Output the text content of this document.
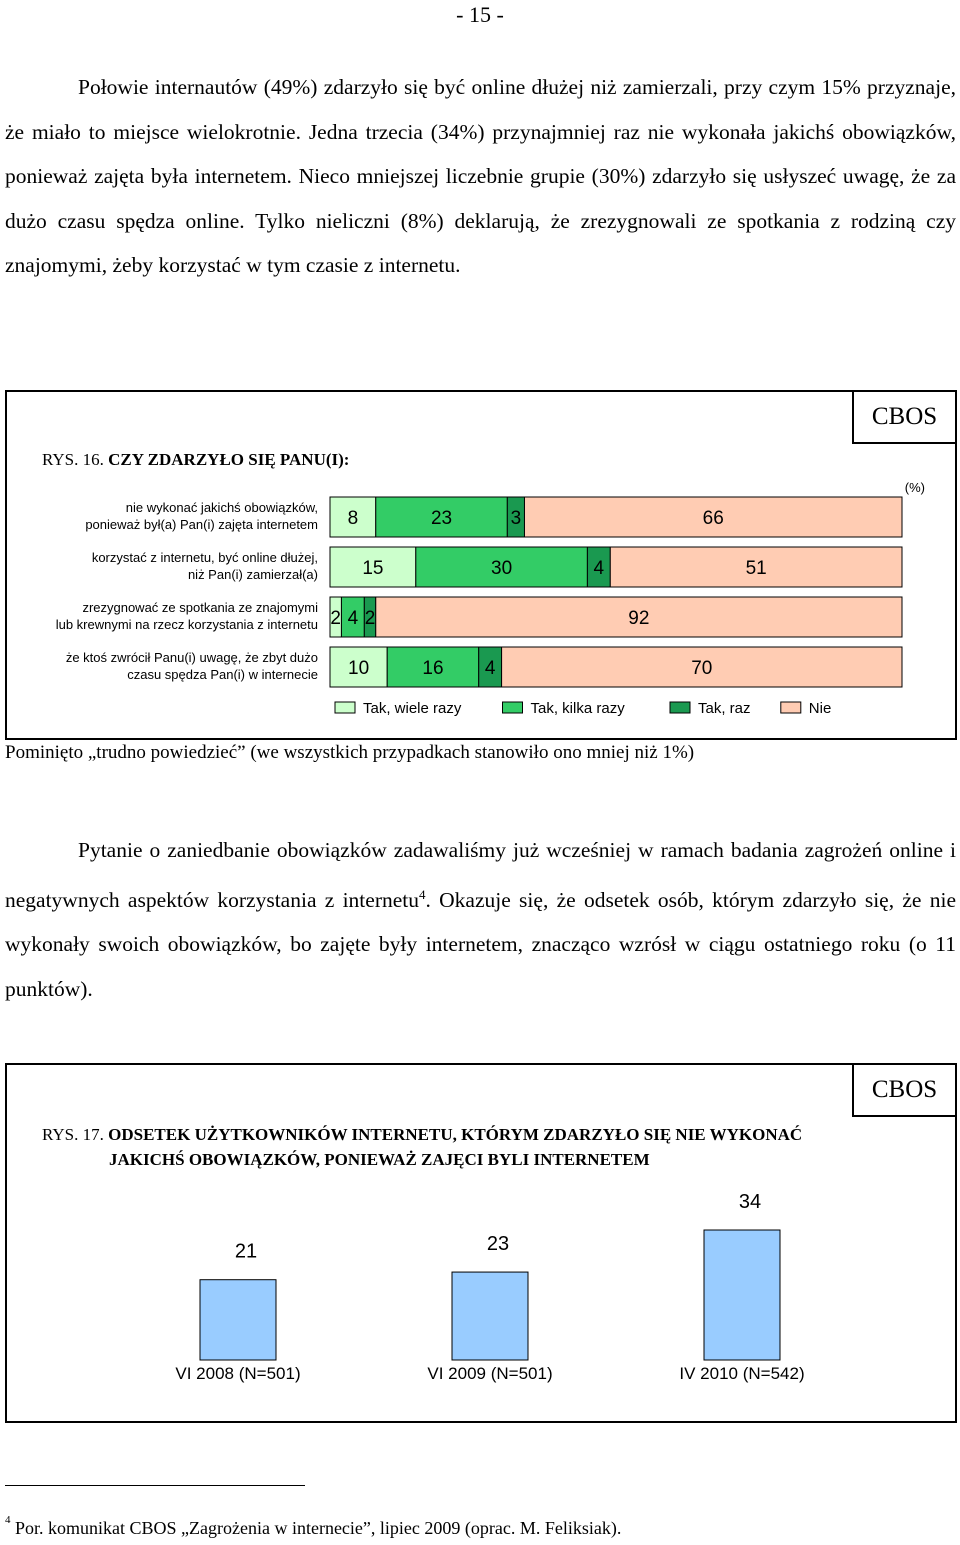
- 15 -

Połowie internautów (49%) zdarzyło się być online dłużej niż zamierzali, przy czym 15% przyznaje, że miało to miejsce wielokrotnie. Jedna trzecia (34%) przynajmniej raz nie wykonała jakichś obowiązków, ponieważ zajęta była internetem. Nieco mniejszej liczebnie grupie (30%) zdarzyło się usłyszeć uwagę, że za dużo czasu spędza online. Tylko nieliczni (8%) deklarują, że zrezygnowali ze spotkania z rodziną czy znajomymi, żeby korzystać w tym czasie z internetu.

CBOS
RYS. 16. CZY ZDARZYŁO SIĘ PANU(I):
(%)
nie wykonać jakichś obowiązków,
ponieważ był(a) Pan(i) zajęta internetem 8	23	3	66
korzystać z internetu, być online dłużej,
niż Pan(i) zamierzał(a) 15	30	4	51
zrezygnować ze spotkania ze znajomymi
lub krewnymi na rzecz korzystania z internetu 2 4 2	92
że ktoś zwrócił Panu(i) uwagę, że zbyt dużo
czasu spędza Pan(i) w internecie 10	16 4	70
Tak, wiele razy	Tak, kilka razy	Tak, raz	Nie
Pominięto „trudno powiedzieć” (we wszystkich przypadkach stanowiło ono mniej niż 1%)

Pytanie o zaniedbanie obowiązków zadawaliśmy już wcześniej w ramach badania zagrożeń online i negatywnych aspektów korzystania z internetu$^4$. Okazuje się, że odsetek osób, którym zdarzyło się, że nie wykonały swoich obowiązków, bo zajęte były internetem, znacząco wzrósł w ciągu ostatniego roku (o 11 punktów).

CBOS
RYS. 17. ODSETEK UŻYTKOWNIKÓW INTERNETU, KTÓRYM ZDARZYŁO SIĘ NIE WYKONAĆ
JAKICHŚ OBOWIĄZKÓW, PONIEWAŻ ZAJĘCI BYLI INTERNETEM
21
VI 2008 (N=501)
23
VI 2009 (N=501)
34
IV 2010 (N=542)
$^4$ Por. komunikat CBOS „Zagrożenia w internecie”, lipiec 2009 (oprac. M. Feliksiak).
